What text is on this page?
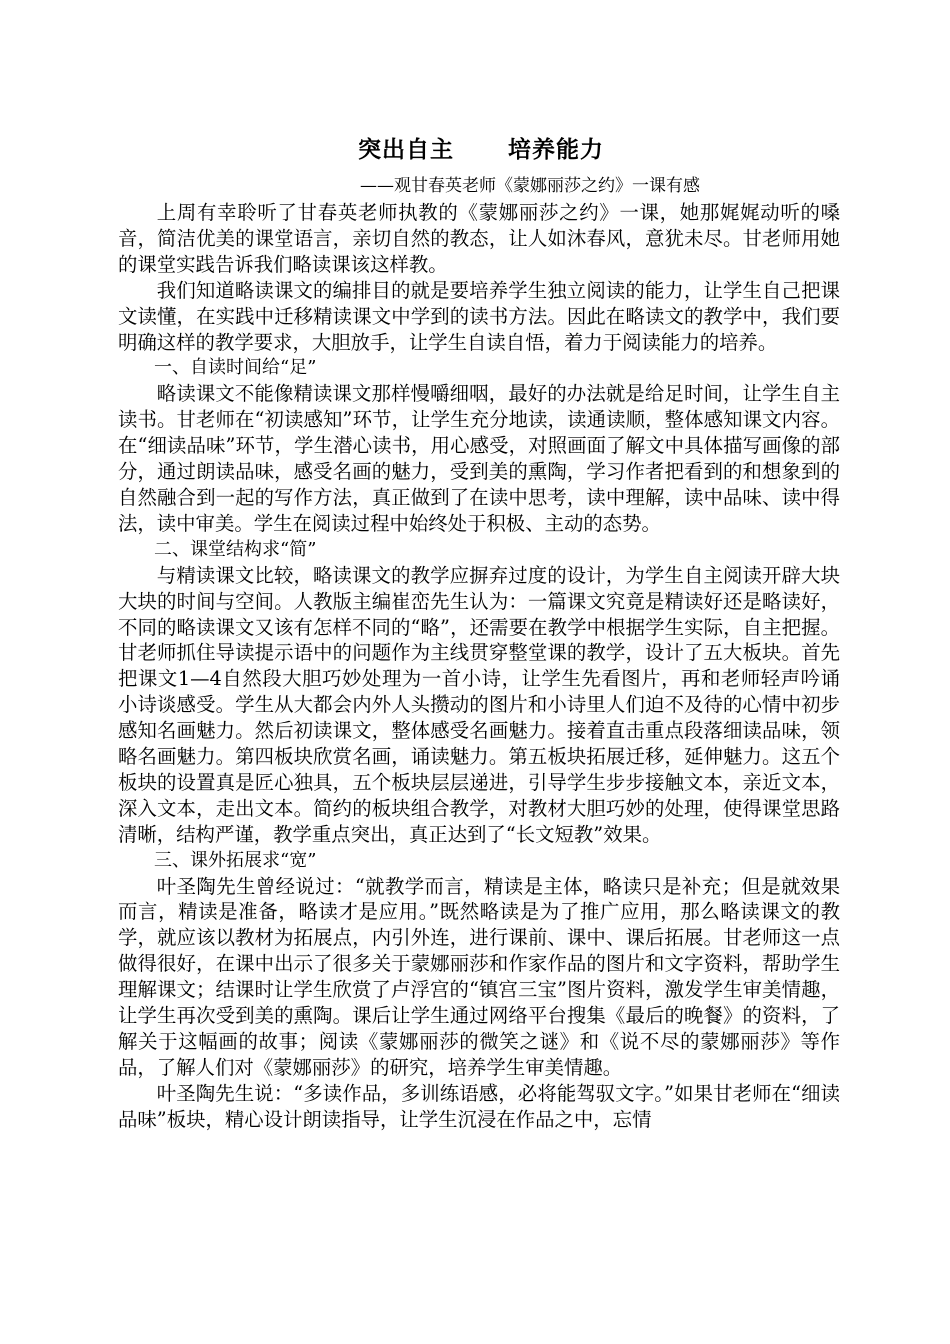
突出自主 培养能力
——观甘春英老师《蒙娜丽莎之约》一课有感

上周有幸聆听了甘春英老师执教的《蒙娜丽莎之约》一课，她那娓娓动听的嗓音，简洁优美的课堂语言，亲切自然的教态，让人如沐春风，意犹未尽。甘老师用她的课堂实践告诉我们略读课该这样教。

我们知道略读课文的编排目的就是要培养学生独立阅读的能力，让学生自己把课文读懂，在实践中迁移精读课文中学到的读书方法。因此在略读文的教学中，我们要明确这样的教学要求，大胆放手，让学生自读自悟，着力于阅读能力的培养。

一、自读时间给“足”

略读课文不能像精读课文那样慢嚼细咽，最好的办法就是给足时间，让学生自主读书。甘老师在“初读感知”环节，让学生充分地读，读通读顺，整体感知课文内容。在“细读品味”环节，学生潜心读书，用心感受，对照画面了解文中具体描写画像的部分，通过朗读品味，感受名画的魅力，受到美的熏陶，学习作者把看到的和想象到的自然融合到一起的写作方法，真正做到了在读中思考，读中理解，读中品味、读中得法，读中审美。学生在阅读过程中始终处于积极、主动的态势。

二、课堂结构求“简”

与精读课文比较，略读课文的教学应摒弃过度的设计，为学生自主阅读开辟大块大块的时间与空间。人教版主编崔峦先生认为：一篇课文究竟是精读好还是略读好，不同的略读课文又该有怎样不同的“略”，还需要在教学中根据学生实际，自主把握。甘老师抓住导读提示语中的问题作为主线贯穿整堂课的教学，设计了五大板块。首先把课文1—4自然段大胆巧妙处理为一首小诗，让学生先看图片，再和老师轻声吟诵小诗谈感受。学生从大都会内外人头攒动的图片和小诗里人们迫不及待的心情中初步感知名画魅力。然后初读课文，整体感受名画魅力。接着直击重点段落细读品味，领略名画魅力。第四板块欣赏名画，诵读魅力。第五板块拓展迁移，延伸魅力。这五个板块的设置真是匠心独具，五个板块层层递进，引导学生步步接触文本，亲近文本，深入文本，走出文本。简约的板块组合教学，对教材大胆巧妙的处理，使得课堂思路清晰，结构严谨，教学重点突出，真正达到了“长文短教”效果。

三、课外拓展求“宽”

叶圣陶先生曾经说过：“就教学而言，精读是主体，略读只是补充；但是就效果而言，精读是准备，略读才是应用。”既然略读是为了推广应用，那么略读课文的教学，就应该以教材为拓展点，内引外连，进行课前、课中、课后拓展。甘老师这一点做得很好，在课中出示了很多关于蒙娜丽莎和作家作品的图片和文字资料，帮助学生理解课文；结课时让学生欣赏了卢浮宫的“镇宫三宝”图片资料，激发学生审美情趣，让学生再次受到美的熏陶。课后让学生通过网络平台搜集《最后的晚餐》的资料，了解关于这幅画的故事；阅读《蒙娜丽莎的微笑之谜》和《说不尽的蒙娜丽莎》等作品，了解人们对《蒙娜丽莎》的研究，培养学生审美情趣。

叶圣陶先生说：“多读作品，多训练语感，必将能驾驭文字。”如果甘老师在“细读品味”板块，精心设计朗读指导，让学生沉浸在作品之中，忘情
